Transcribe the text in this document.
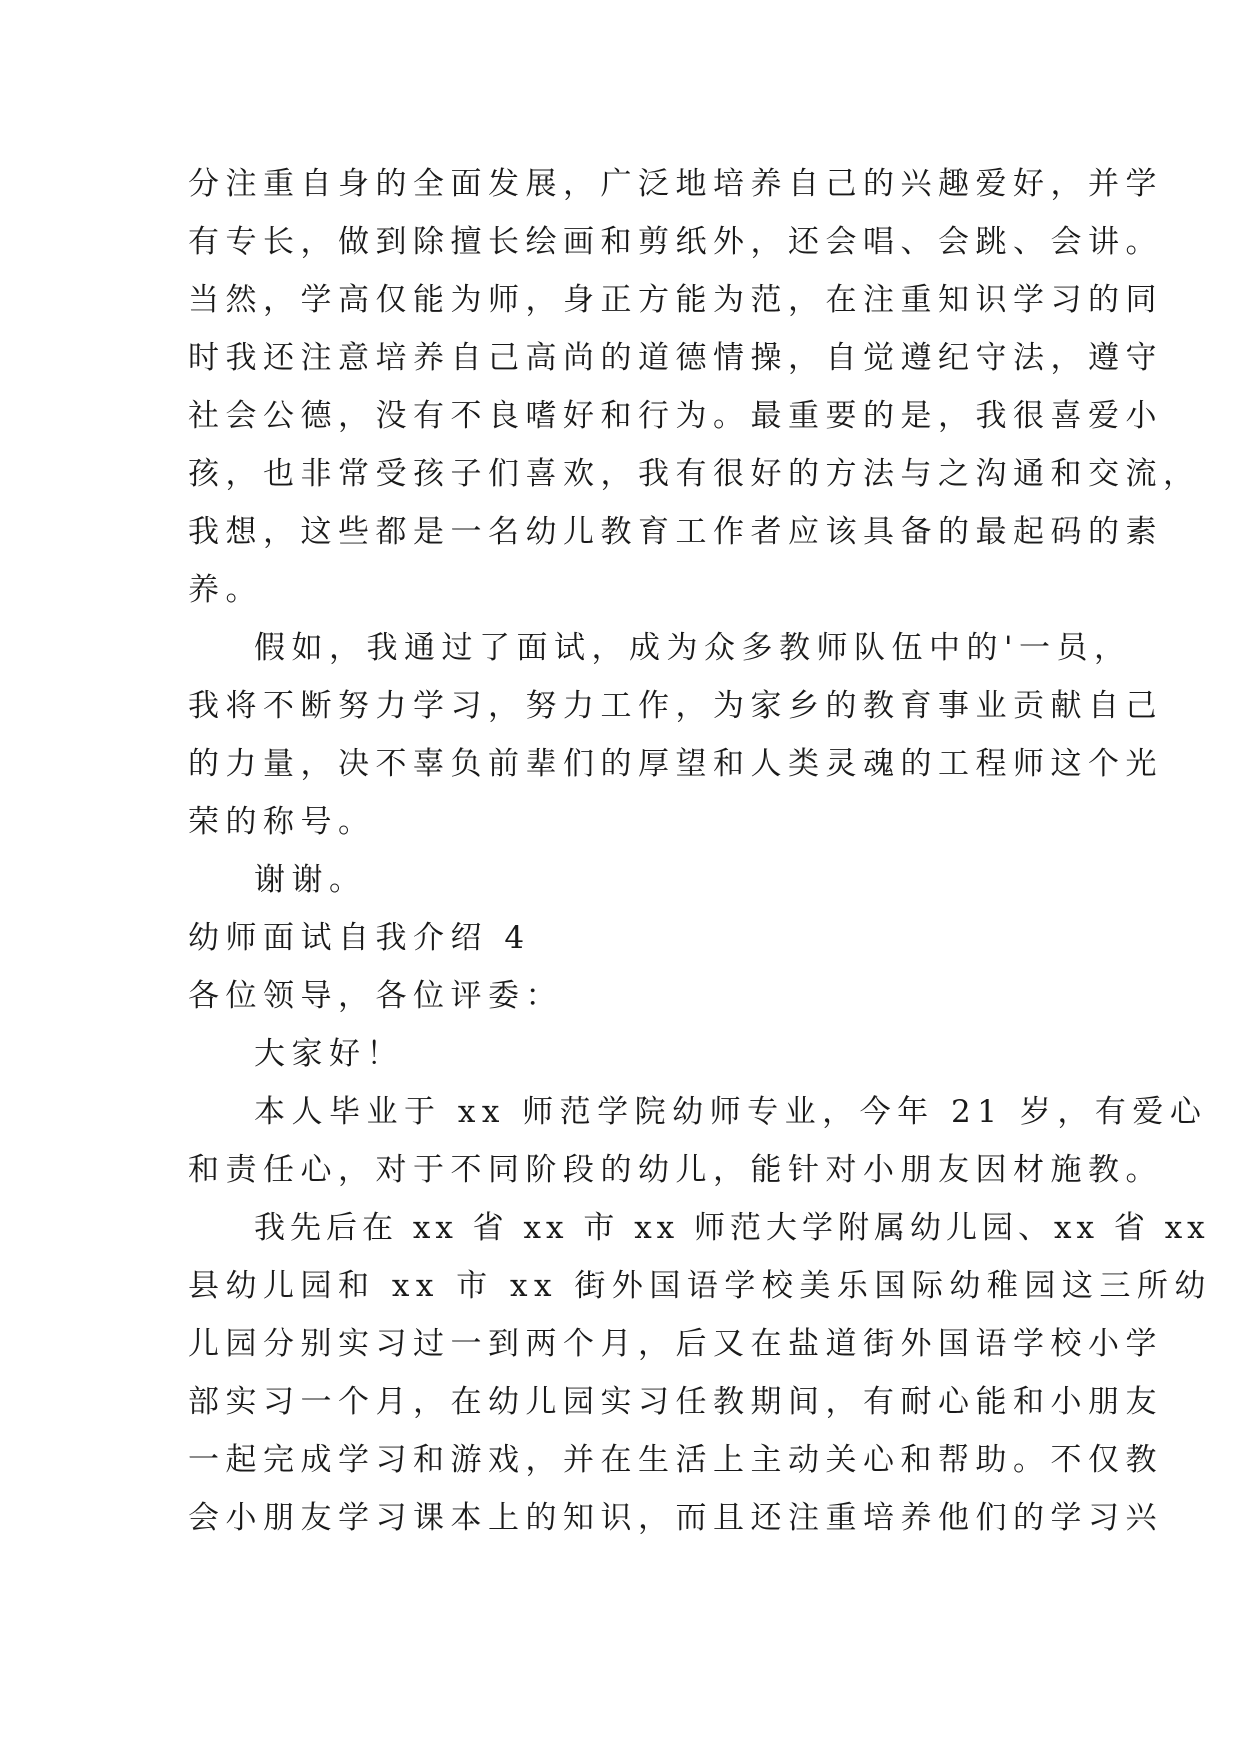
分注重自身的全面发展，广泛地培养自己的兴趣爱好，并学
有专长，做到除擅长绘画和剪纸外，还会唱、会跳、会讲。
当然，学高仅能为师，身正方能为范，在注重知识学习的同
时我还注意培养自己高尚的道德情操，自觉遵纪守法，遵守
社会公德，没有不良嗜好和行为。最重要的是，我很喜爱小
孩，也非常受孩子们喜欢，我有很好的方法与之沟通和交流，
我想，这些都是一名幼儿教育工作者应该具备的最起码的素
养。
假如，我通过了面试，成为众多教师队伍中的'一员，
我将不断努力学习，努力工作，为家乡的教育事业贡献自己
的力量，决不辜负前辈们的厚望和人类灵魂的工程师这个光
荣的称号。
谢谢。
幼师面试自我介绍 4
各位领导，各位评委：
大家好！
本人毕业于 xx 师范学院幼师专业，今年 21 岁，有爱心
和责任心，对于不同阶段的幼儿，能针对小朋友因材施教。
我先后在 xx 省 xx 市 xx 师范大学附属幼儿园、xx 省 xx
县幼儿园和 xx 市 xx 街外国语学校美乐国际幼稚园这三所幼
儿园分别实习过一到两个月，后又在盐道街外国语学校小学
部实习一个月，在幼儿园实习任教期间，有耐心能和小朋友
一起完成学习和游戏，并在生活上主动关心和帮助。不仅教
会小朋友学习课本上的知识，而且还注重培养他们的学习兴
